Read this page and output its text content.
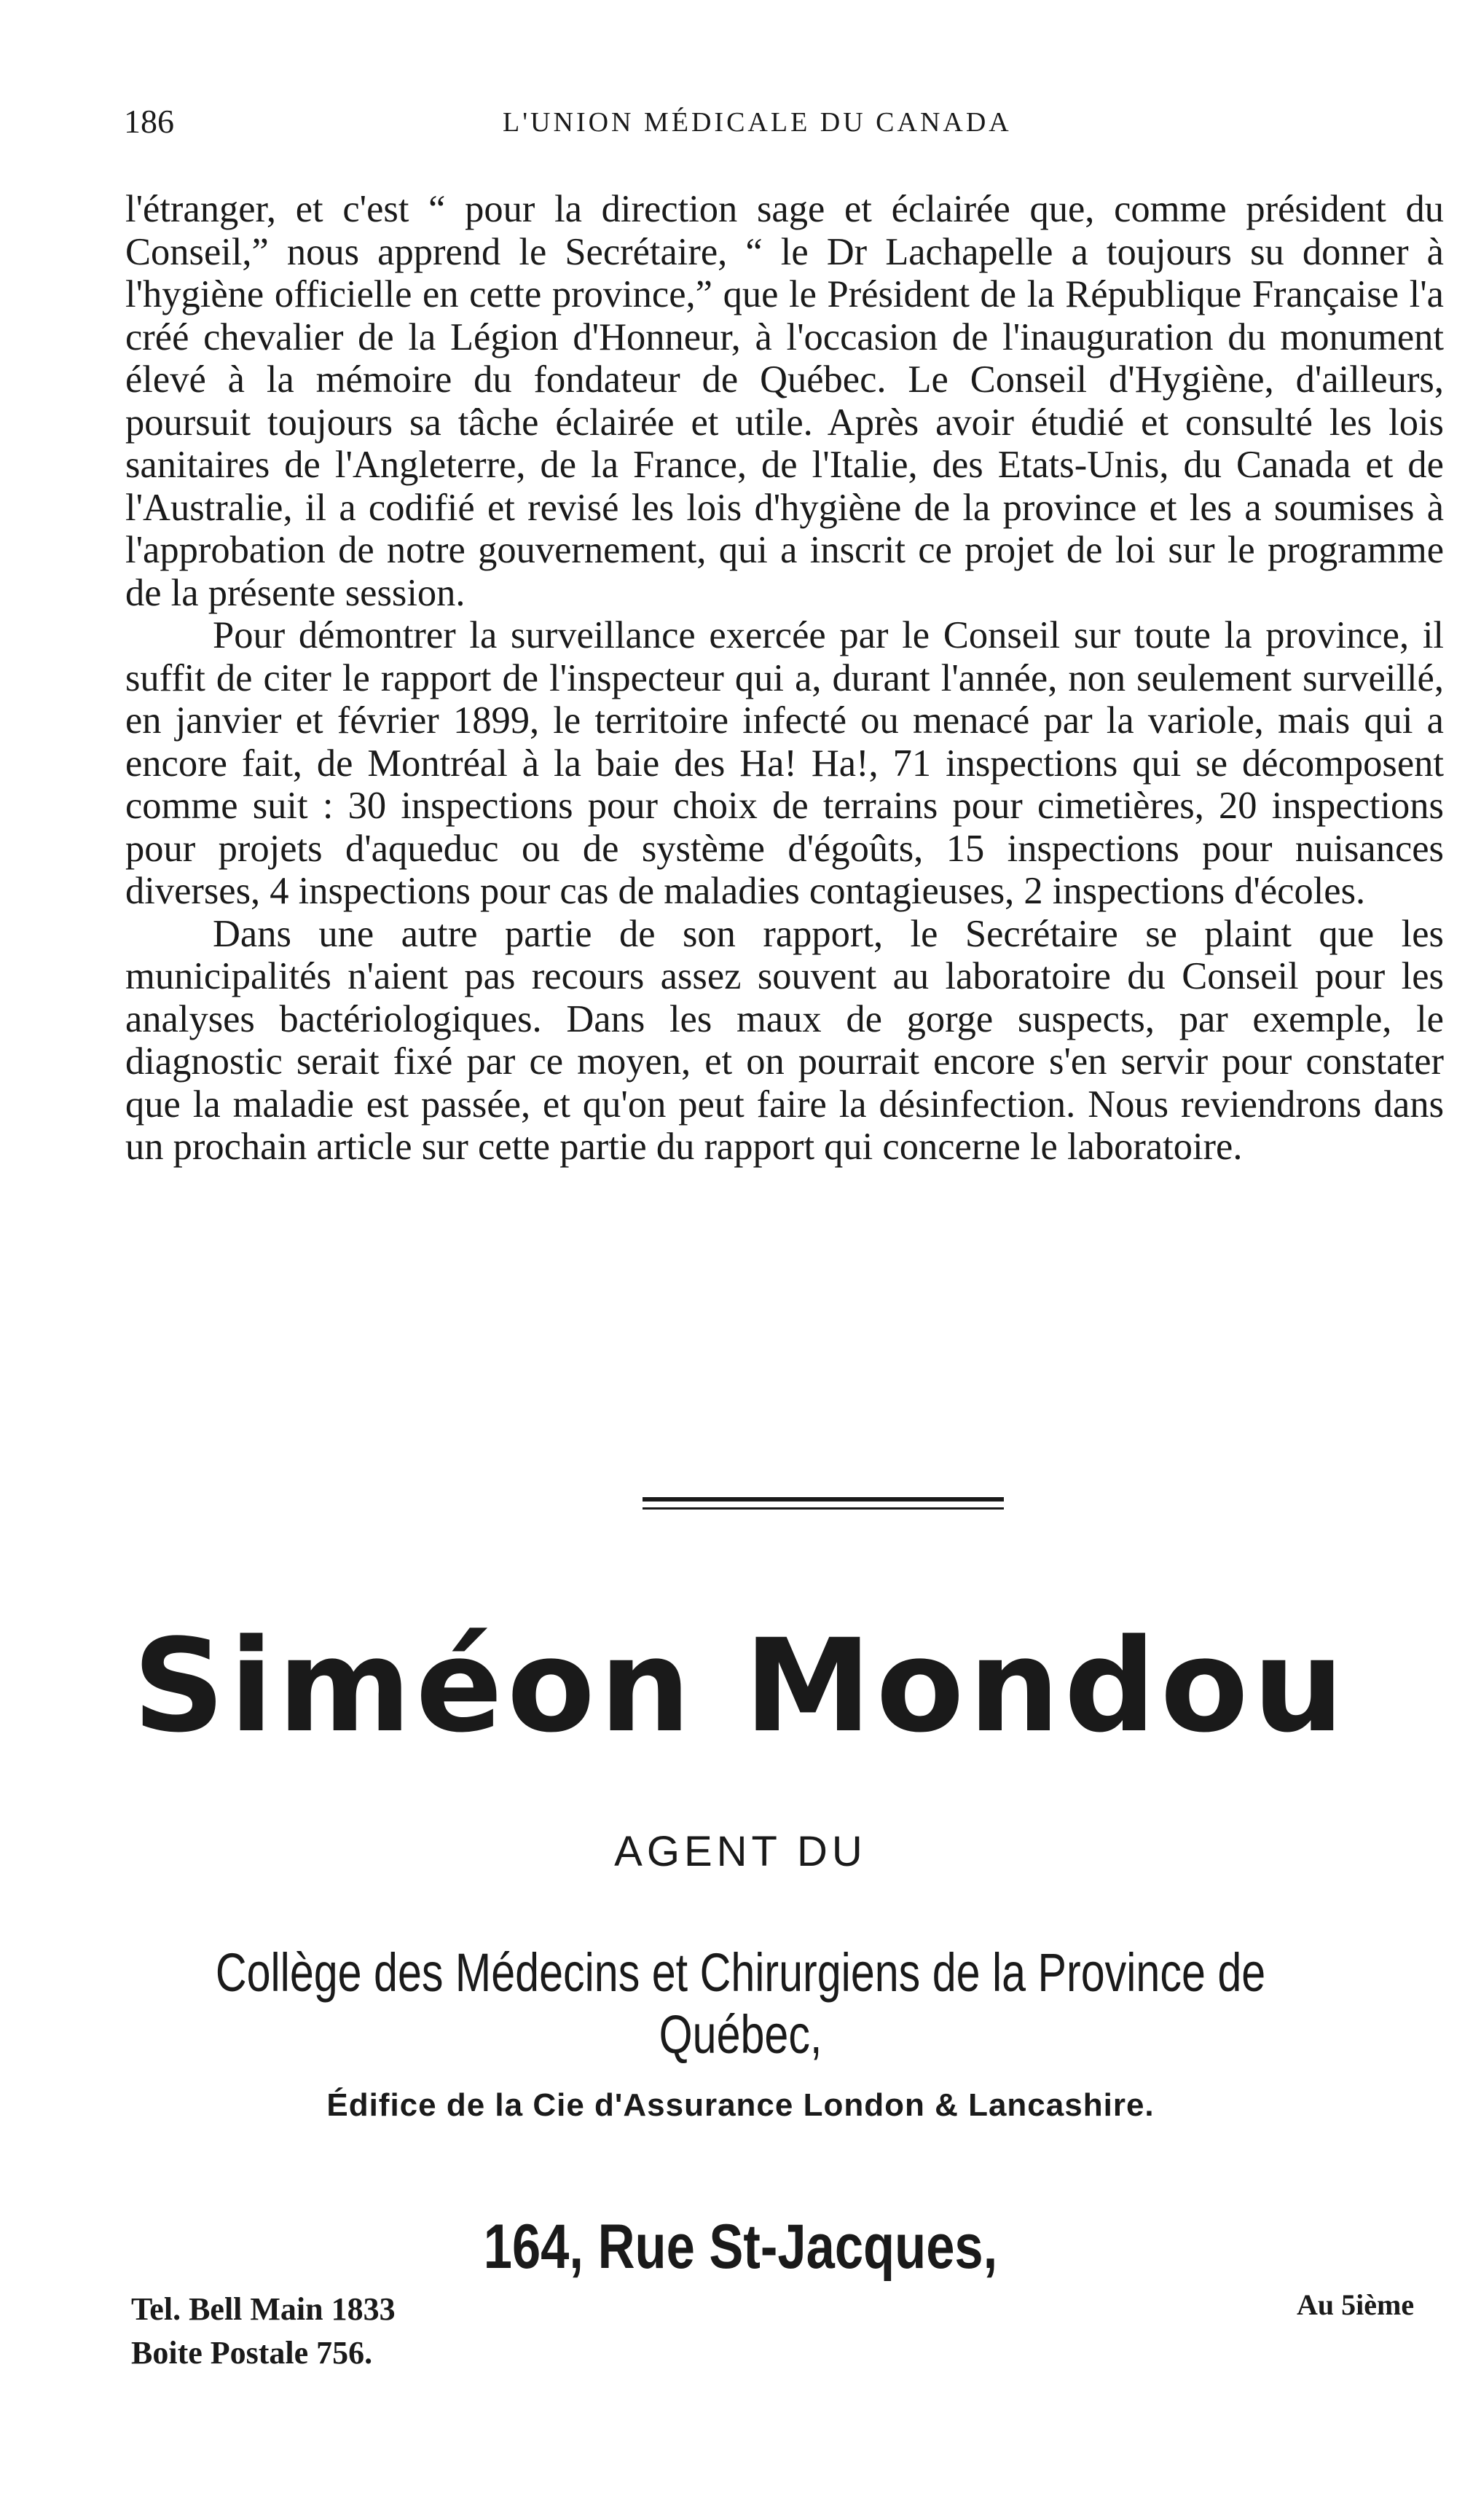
186	L'UNION MÉDICALE DU CANADA

l'étranger, et c'est “ pour la direction sage et éclairée que, comme président du Conseil,” nous apprend le Secrétaire, “ le Dr Lachapelle a toujours su donner à l'hygiène officielle en cette province,” que le Président de la République Française l'a créé chevalier de la Légion d'Honneur, à l'occasion de l'inauguration du monument élevé à la mémoire du fondateur de Québec. Le Conseil d'Hygiène, d'ailleurs, poursuit toujours sa tâche éclairée et utile. Après avoir étudié et consulté les lois sanitaires de l'Angleterre, de la France, de l'Italie, des Etats-Unis, du Canada et de l'Australie, il a codifié et revisé les lois d'hygiène de la province et les a soumises à l'approbation de notre gouvernement, qui a inscrit ce projet de loi sur le programme de la présente session.

Pour démontrer la surveillance exercée par le Conseil sur toute la province, il suffit de citer le rapport de l'inspecteur qui a, durant l'année, non seulement surveillé, en janvier et février 1899, le territoire infecté ou menacé par la variole, mais qui a encore fait, de Montréal à la baie des Ha! Ha!, 71 inspections qui se décomposent comme suit : 30 inspections pour choix de terrains pour cimetières, 20 inspections pour projets d'aqueduc ou de système d'égoûts, 15 inspections pour nuisances diverses, 4 inspections pour cas de maladies contagieuses, 2 inspections d'écoles.

Dans une autre partie de son rapport, le Secrétaire se plaint que les municipalités n'aient pas recours assez souvent au laboratoire du Conseil pour les analyses bactériologiques. Dans les maux de gorge suspects, par exemple, le diagnostic serait fixé par ce moyen, et on pourrait encore s'en servir pour constater que la maladie est passée, et qu'on peut faire la désinfection. Nous reviendrons dans un prochain article sur cette partie du rapport qui concerne le laboratoire.

Siméon Mondou
AGENT DU
Collège des Médecins et Chirurgiens de la Province de Québec,
Édifice de la Cie d'Assurance London & Lancashire.
164, Rue St-Jacques,
Tel. Bell Main 1833
Boite Postale 756.
Au 5ième
